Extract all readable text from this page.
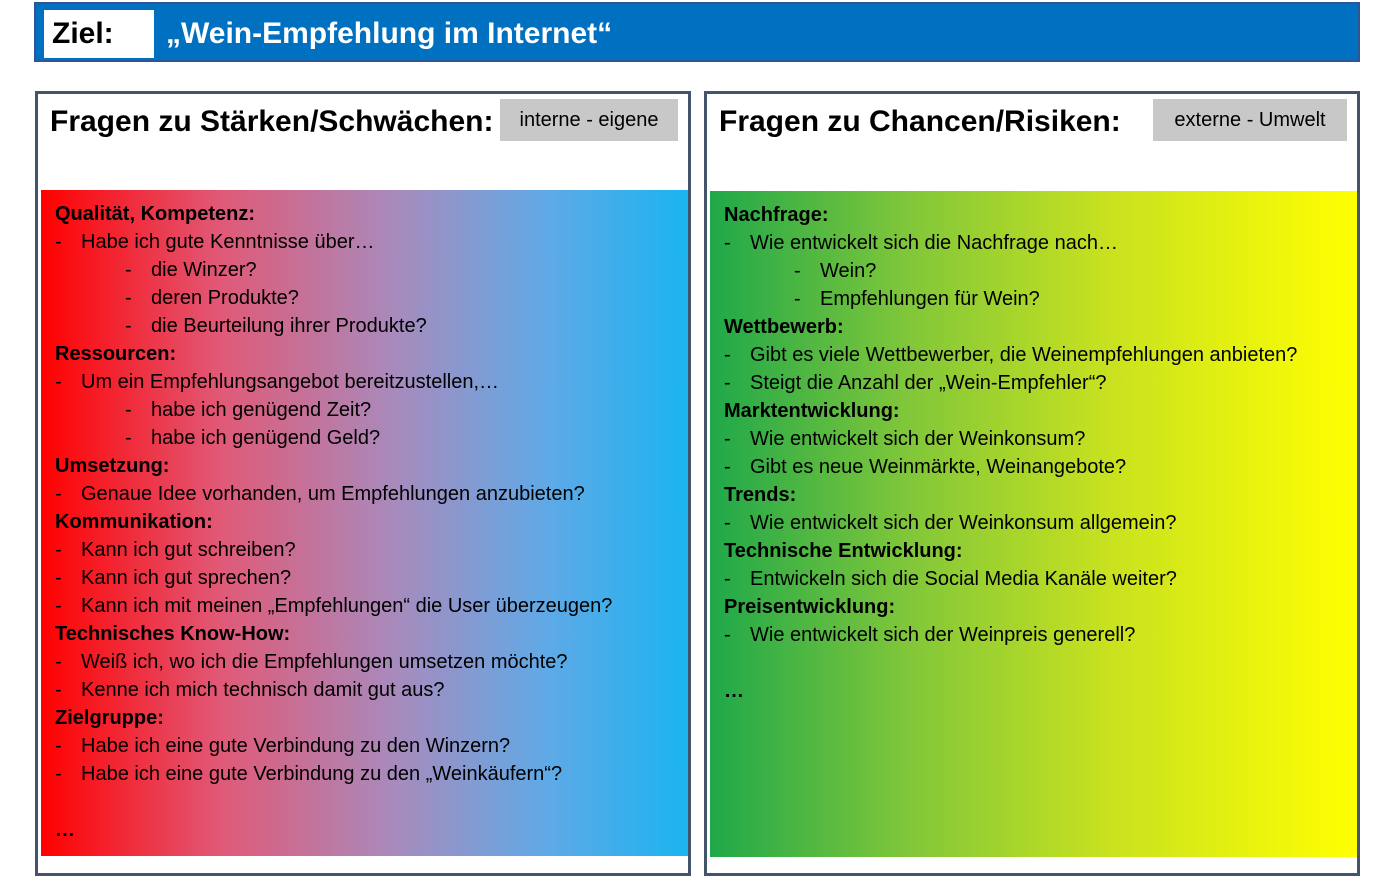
Ziel:	„Wein-Empfehlung im Internet“
Fragen zu Stärken/Schwächen:	interne - eigene
Qualität, Kompetenz:
- Habe ich gute Kenntnisse über…
- die Winzer?
- deren Produkte?
- die Beurteilung ihrer Produkte?
Ressourcen:
- Um ein Empfehlungsangebot bereitzustellen,…
- habe ich genügend Zeit?
- habe ich genügend Geld?
Umsetzung:
- Genaue Idee vorhanden, um Empfehlungen anzubieten?
Kommunikation:
- Kann ich gut schreiben?
- Kann ich gut sprechen?
- Kann ich mit meinen „Empfehlungen“ die User überzeugen?
Technisches Know-How:
- Weiß ich, wo ich die Empfehlungen umsetzen möchte?
- Kenne ich mich technisch damit gut aus?
Zielgruppe:
- Habe ich eine gute Verbindung zu den Winzern?
- Habe ich eine gute Verbindung zu den „Weinkäufern“?
…
Fragen zu Chancen/Risiken:	externe - Umwelt
Nachfrage:
- Wie entwickelt sich die Nachfrage nach…
- Wein?
- Empfehlungen für Wein?
Wettbewerb:
- Gibt es viele Wettbewerber, die Weinempfehlungen anbieten?
- Steigt die Anzahl der „Wein-Empfehler“?
Marktentwicklung:
- Wie entwickelt sich der Weinkonsum?
- Gibt es neue Weinmärkte, Weinangebote?
Trends:
- Wie entwickelt sich der Weinkonsum allgemein?
Technische Entwicklung:
- Entwickeln sich die Social Media Kanäle weiter?
Preisentwicklung:
- Wie entwickelt sich der Weinpreis generell?
…
